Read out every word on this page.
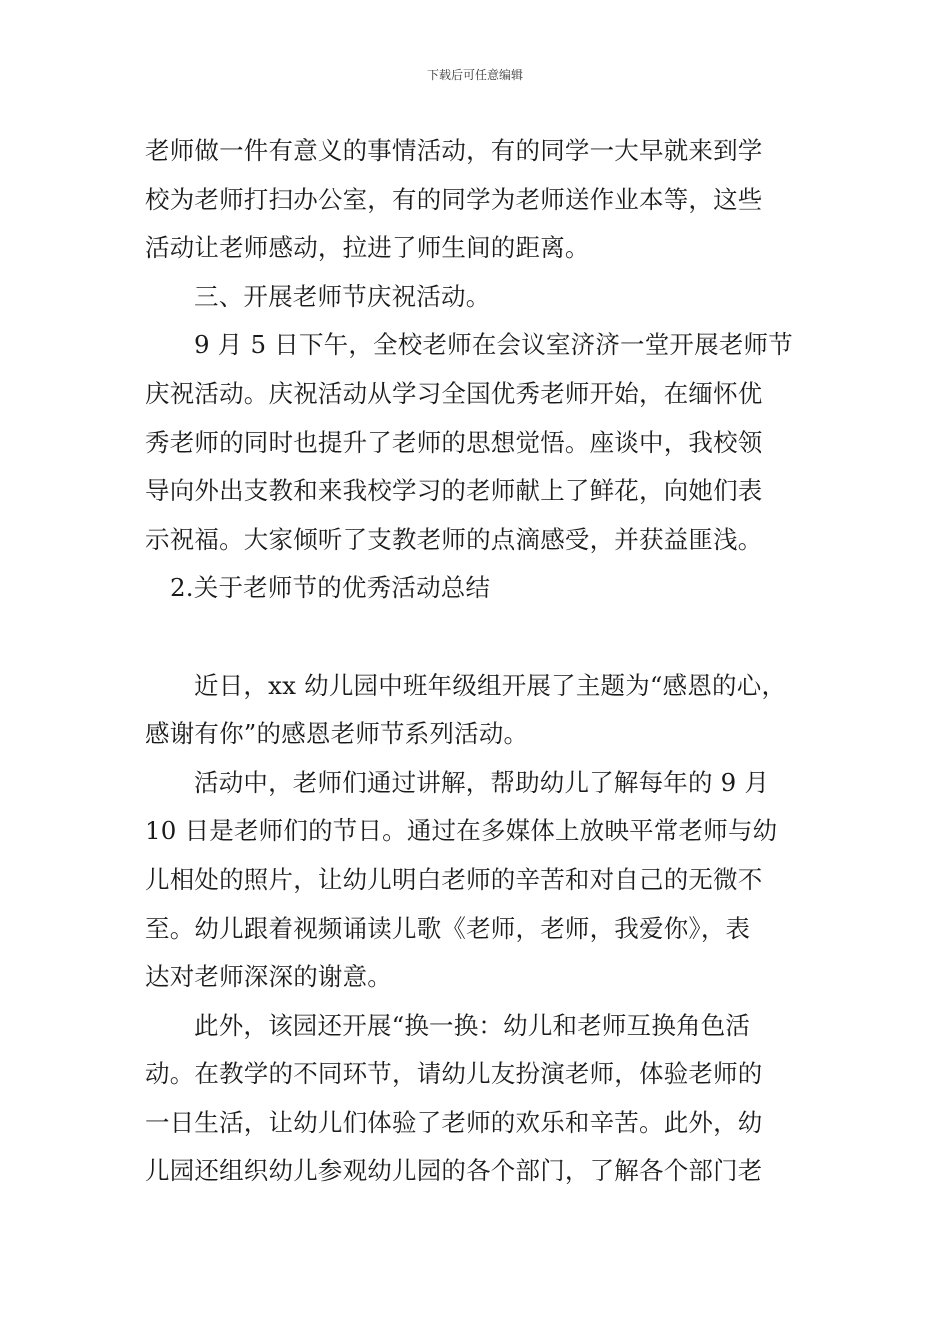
下载后可任意编辑
老师做一件有意义的事情活动，有的同学一大早就来到学
校为老师打扫办公室，有的同学为老师送作业本等，这些
活动让老师感动，拉进了师生间的距离。
三、开展老师节庆祝活动。
9 月 5 日下午，全校老师在会议室济济一堂开展老师节
庆祝活动。庆祝活动从学习全国优秀老师开始，在缅怀优
秀老师的同时也提升了老师的思想觉悟。座谈中，我校领
导向外出支教和来我校学习的老师献上了鲜花，向她们表
示祝福。大家倾听了支教老师的点滴感受，并获益匪浅。
2.关于老师节的优秀活动总结
近日，xx 幼儿园中班年级组开展了主题为“感恩的心，
感谢有你”的感恩老师节系列活动。
活动中，老师们通过讲解，帮助幼儿了解每年的 9 月
10 日是老师们的节日。通过在多媒体上放映平常老师与幼
儿相处的照片，让幼儿明白老师的辛苦和对自己的无微不
至。幼儿跟着视频诵读儿歌《老师，老师，我爱你》，表
达对老师深深的谢意。
此外，该园还开展“换一换：幼儿和老师互换角色活
动。在教学的不同环节，请幼儿友扮演老师，体验老师的
一日生活，让幼儿们体验了老师的欢乐和辛苦。此外，幼
儿园还组织幼儿参观幼儿园的各个部门，了解各个部门老
